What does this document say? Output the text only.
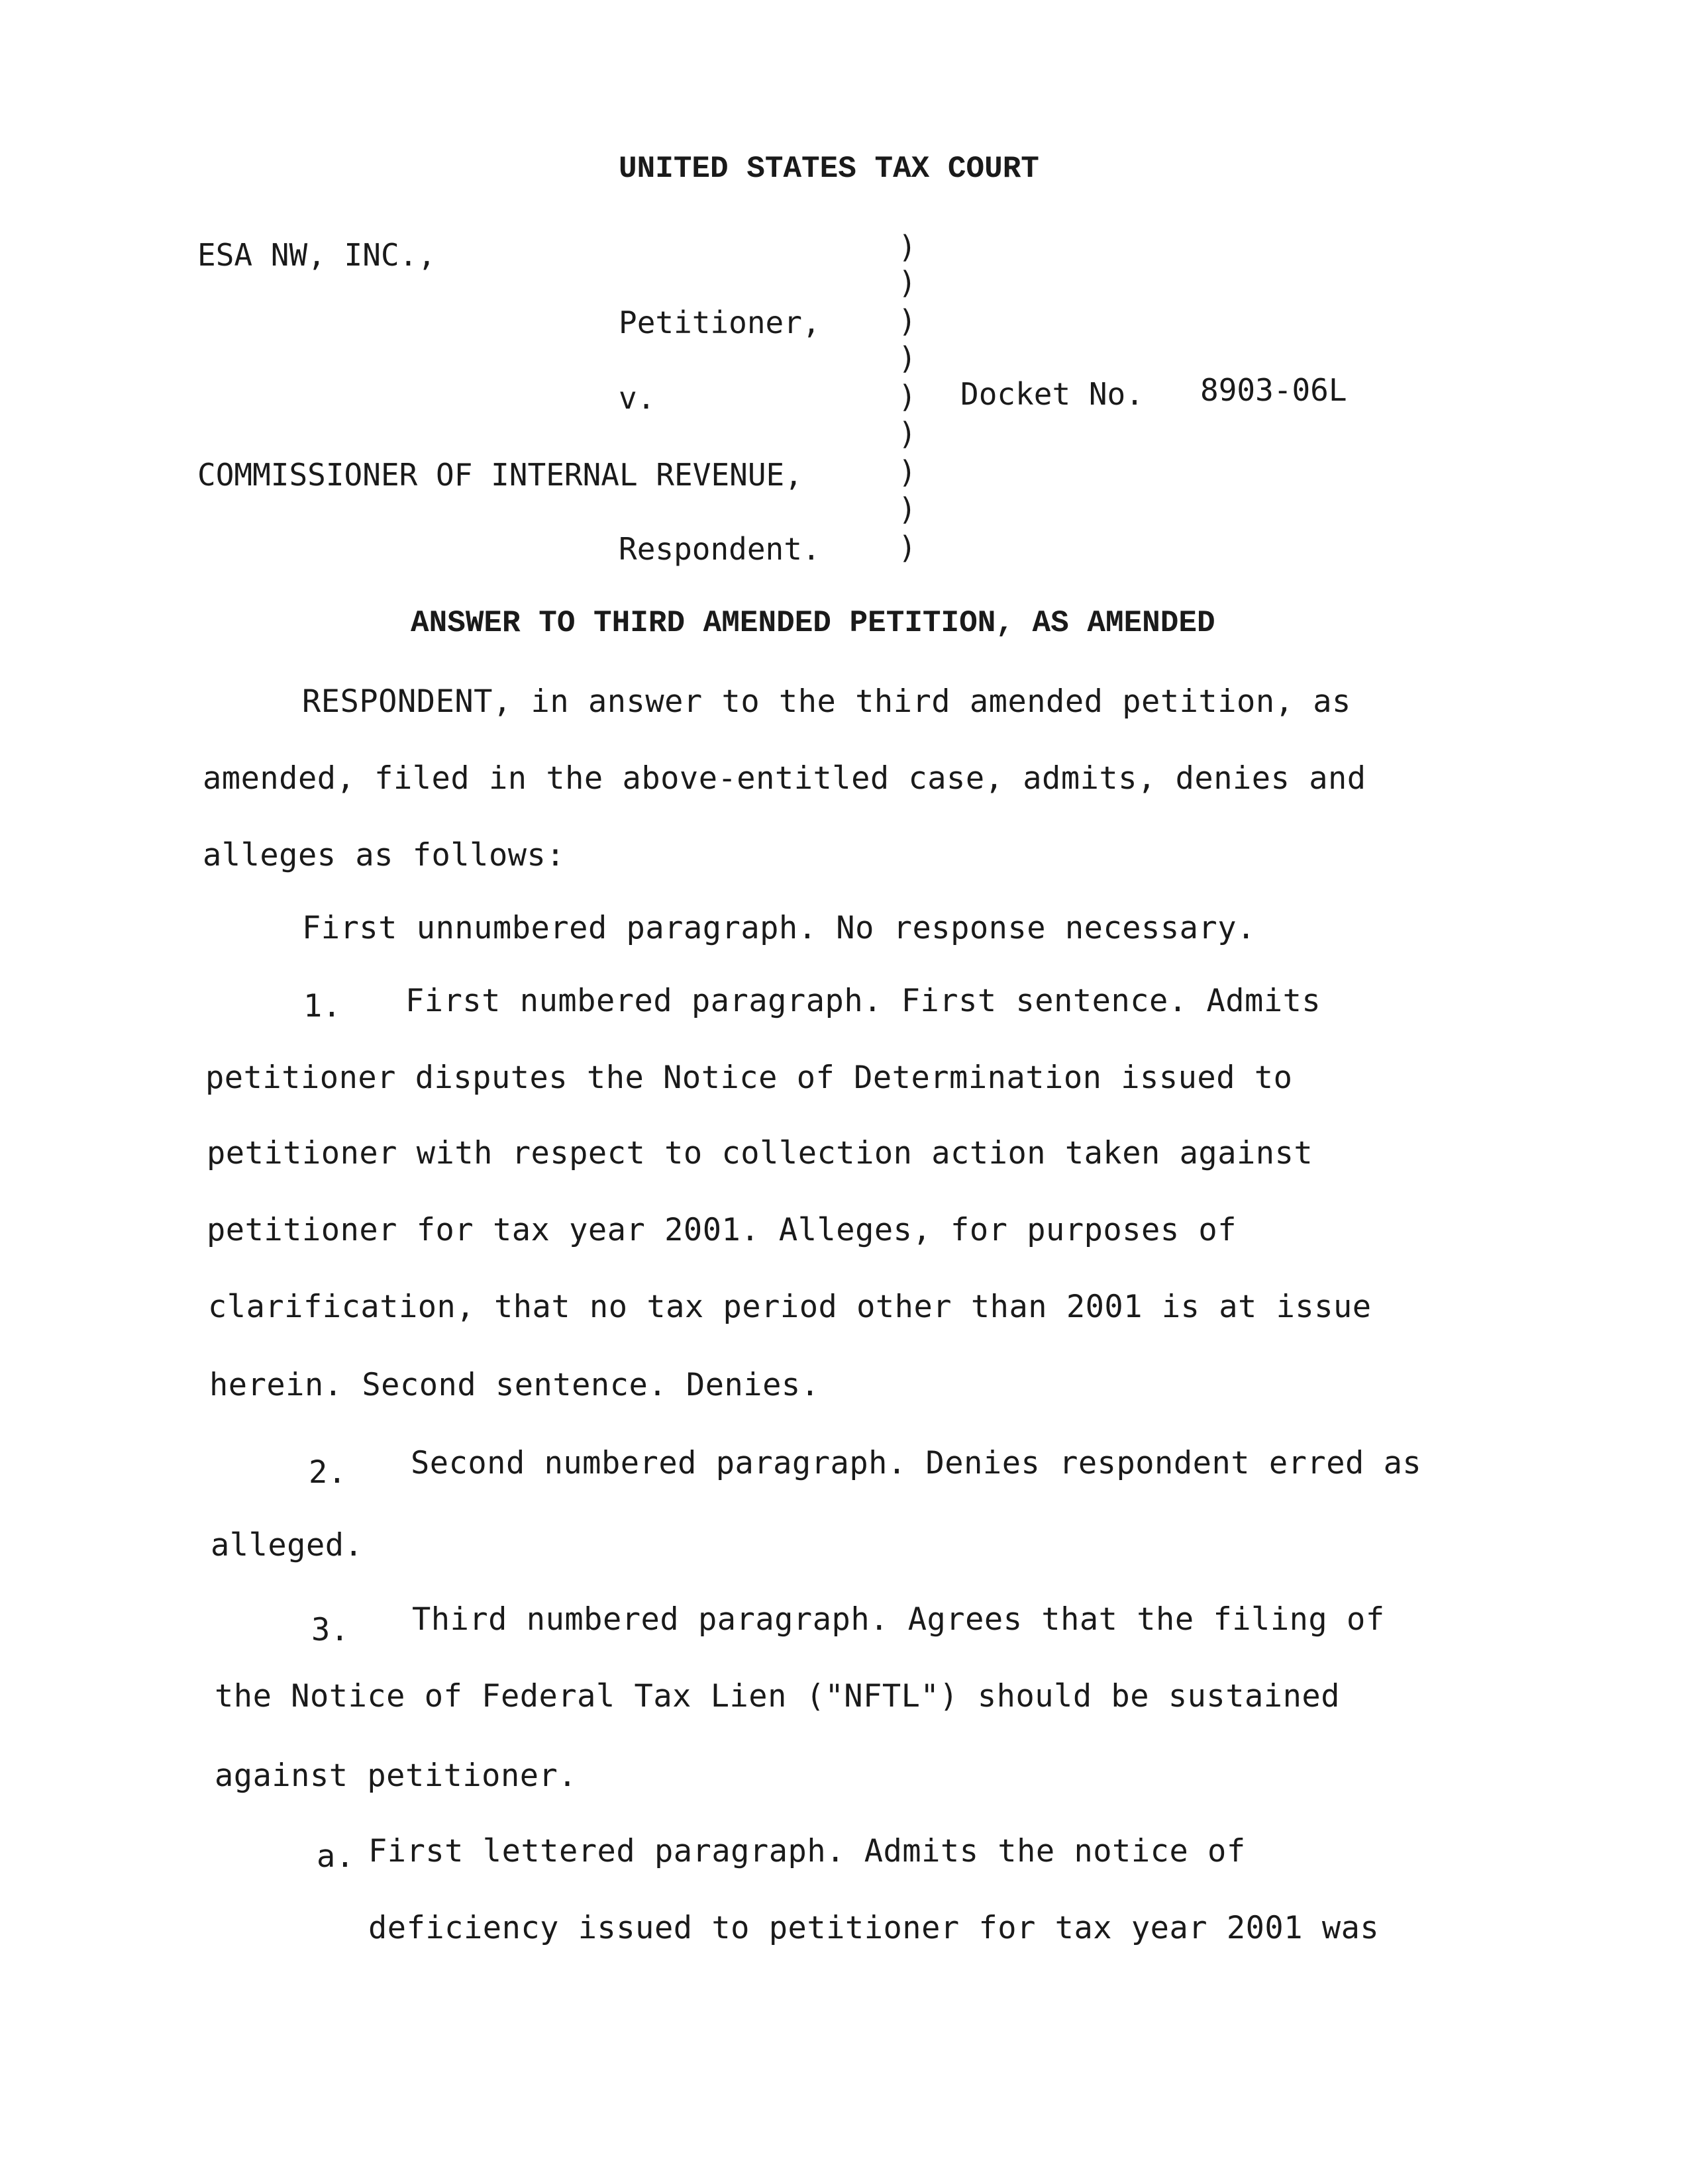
UNITED STATES TAX COURT
ESA NW, INC.,
Petitioner,
v.
COMMISSIONER OF INTERNAL REVENUE,
Respondent.
)
)
)
)
)
)
)
)
)
Docket No. 8903-06L
ANSWER TO THIRD AMENDED PETITION, AS AMENDED
RESPONDENT, in answer to the third amended petition, as
amended, filed in the above-entitled case, admits, denies and
alleges as follows:
First unnumbered paragraph. No response necessary.
1. First numbered paragraph. First sentence. Admits
petitioner disputes the Notice of Determination issued to
petitioner with respect to collection action taken against
petitioner for tax year 2001. Alleges, for purposes of
clarification, that no tax period other than 2001 is at issue
herein. Second sentence. Denies.
2. Second numbered paragraph. Denies respondent erred as
alleged.
3. Third numbered paragraph. Agrees that the filing of
the Notice of Federal Tax Lien ("NFTL") should be sustained
against petitioner.
a. First lettered paragraph. Admits the notice of
deficiency issued to petitioner for tax year 2001 was
